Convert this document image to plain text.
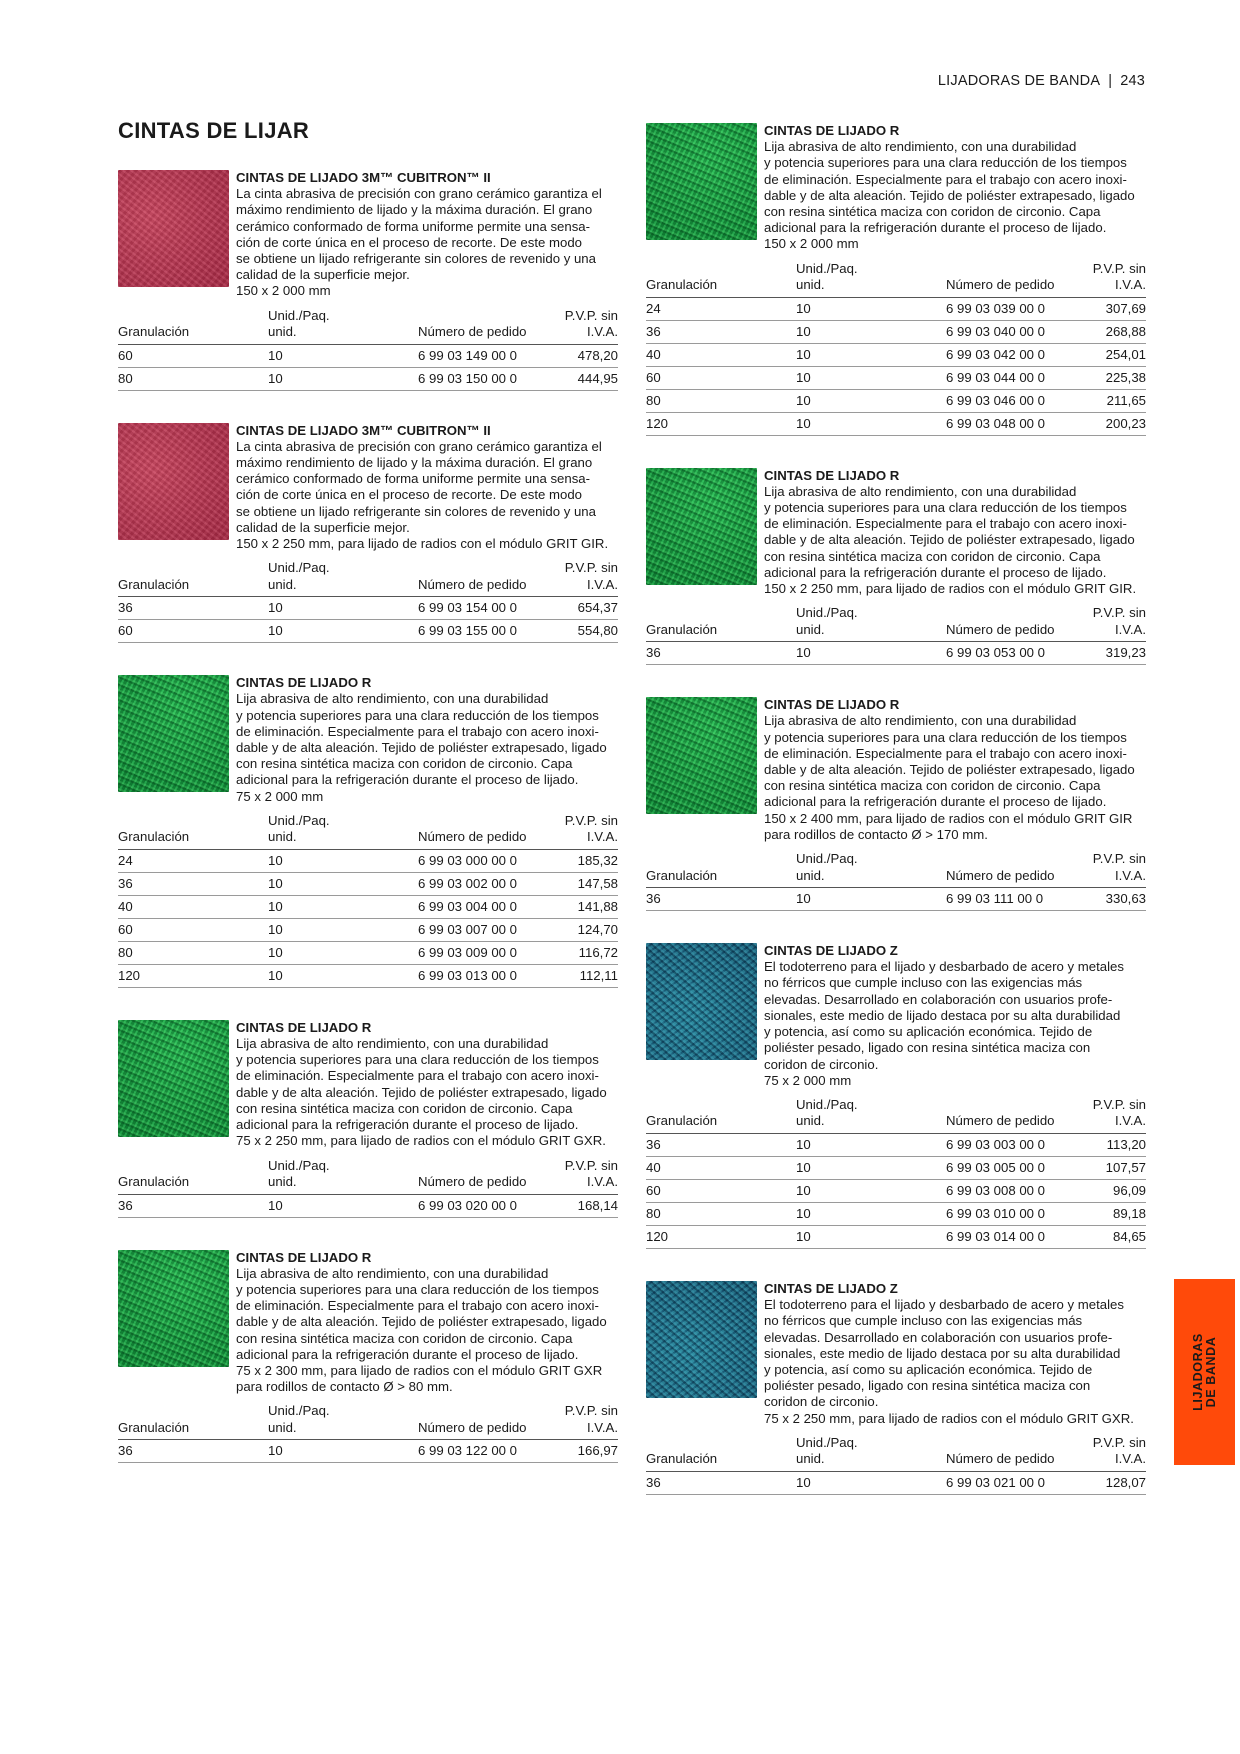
LIJADORAS DE BANDA | 243
CINTAS DE LIJAR
CINTAS DE LIJADO 3M™ CUBITRON™ II
La cinta abrasiva de precisión con grano cerámico garantiza el
máximo rendimiento de lijado y la máxima duración. El grano
cerámico conformado de forma uniforme permite una sensa-
ción de corte única en el proceso de recorte. De este modo
se obtiene un lijado refrigerante sin colores de revenido y una
calidad de la superficie mejor.
150 x 2 000 mm
Granulación	Unid./Paq.
unid.	Número de pedido	P.V.P. sin I.V.A.
60	10	6 99 03 149 00 0	478,20
80	10	6 99 03 150 00 0	444,95
CINTAS DE LIJADO 3M™ CUBITRON™ II
La cinta abrasiva de precisión con grano cerámico garantiza el
máximo rendimiento de lijado y la máxima duración. El grano
cerámico conformado de forma uniforme permite una sensa-
ción de corte única en el proceso de recorte. De este modo
se obtiene un lijado refrigerante sin colores de revenido y una
calidad de la superficie mejor.
150 x 2 250 mm, para lijado de radios con el módulo GRIT GIR.
Granulación	Unid./Paq.
unid.	Número de pedido	P.V.P. sin I.V.A.
36	10	6 99 03 154 00 0	654,37
60	10	6 99 03 155 00 0	554,80
CINTAS DE LIJADO R
Lija abrasiva de alto rendimiento, con una durabilidad
y potencia superiores para una clara reducción de los tiempos
de eliminación. Especialmente para el trabajo con acero inoxi-
dable y de alta aleación. Tejido de poliéster extrapesado, ligado
con resina sintética maciza con coridon de circonio. Capa
adicional para la refrigeración durante el proceso de lijado.
75 x 2 000 mm
Granulación	Unid./Paq.
unid.	Número de pedido	P.V.P. sin I.V.A.
24	10	6 99 03 000 00 0	185,32
36	10	6 99 03 002 00 0	147,58
40	10	6 99 03 004 00 0	141,88
60	10	6 99 03 007 00 0	124,70
80	10	6 99 03 009 00 0	116,72
120	10	6 99 03 013 00 0	112,11
CINTAS DE LIJADO R
Lija abrasiva de alto rendimiento, con una durabilidad
y potencia superiores para una clara reducción de los tiempos
de eliminación. Especialmente para el trabajo con acero inoxi-
dable y de alta aleación. Tejido de poliéster extrapesado, ligado
con resina sintética maciza con coridon de circonio. Capa
adicional para la refrigeración durante el proceso de lijado.
75 x 2 250 mm, para lijado de radios con el módulo GRIT GXR.
Granulación	Unid./Paq.
unid.	Número de pedido	P.V.P. sin I.V.A.
36	10	6 99 03 020 00 0	168,14
CINTAS DE LIJADO R
Lija abrasiva de alto rendimiento, con una durabilidad
y potencia superiores para una clara reducción de los tiempos
de eliminación. Especialmente para el trabajo con acero inoxi-
dable y de alta aleación. Tejido de poliéster extrapesado, ligado
con resina sintética maciza con coridon de circonio. Capa
adicional para la refrigeración durante el proceso de lijado.
75 x 2 300 mm, para lijado de radios con el módulo GRIT GXR
para rodillos de contacto Ø > 80 mm.
Granulación	Unid./Paq.
unid.	Número de pedido	P.V.P. sin I.V.A.
36	10	6 99 03 122 00 0	166,97
CINTAS DE LIJADO R
Lija abrasiva de alto rendimiento, con una durabilidad
y potencia superiores para una clara reducción de los tiempos
de eliminación. Especialmente para el trabajo con acero inoxi-
dable y de alta aleación. Tejido de poliéster extrapesado, ligado
con resina sintética maciza con coridon de circonio. Capa
adicional para la refrigeración durante el proceso de lijado.
150 x 2 000 mm
Granulación	Unid./Paq.
unid.	Número de pedido	P.V.P. sin I.V.A.
24	10	6 99 03 039 00 0	307,69
36	10	6 99 03 040 00 0	268,88
40	10	6 99 03 042 00 0	254,01
60	10	6 99 03 044 00 0	225,38
80	10	6 99 03 046 00 0	211,65
120	10	6 99 03 048 00 0	200,23
CINTAS DE LIJADO R
Lija abrasiva de alto rendimiento, con una durabilidad
y potencia superiores para una clara reducción de los tiempos
de eliminación. Especialmente para el trabajo con acero inoxi-
dable y de alta aleación. Tejido de poliéster extrapesado, ligado
con resina sintética maciza con coridon de circonio. Capa
adicional para la refrigeración durante el proceso de lijado.
150 x 2 250 mm, para lijado de radios con el módulo GRIT GIR.
Granulación	Unid./Paq.
unid.	Número de pedido	P.V.P. sin I.V.A.
36	10	6 99 03 053 00 0	319,23
CINTAS DE LIJADO R
Lija abrasiva de alto rendimiento, con una durabilidad
y potencia superiores para una clara reducción de los tiempos
de eliminación. Especialmente para el trabajo con acero inoxi-
dable y de alta aleación. Tejido de poliéster extrapesado, ligado
con resina sintética maciza con coridon de circonio. Capa
adicional para la refrigeración durante el proceso de lijado.
150 x 2 400 mm, para lijado de radios con el módulo GRIT GIR
para rodillos de contacto Ø > 170 mm.
Granulación	Unid./Paq.
unid.	Número de pedido	P.V.P. sin I.V.A.
36	10	6 99 03 111 00 0	330,63
CINTAS DE LIJADO Z
El todoterreno para el lijado y desbarbado de acero y metales
no férricos que cumple incluso con las exigencias más
elevadas. Desarrollado en colaboración con usuarios profe-
sionales, este medio de lijado destaca por su alta durabilidad
y potencia, así como su aplicación económica. Tejido de
poliéster pesado, ligado con resina sintética maciza con
coridon de circonio.
75 x 2 000 mm
Granulación	Unid./Paq.
unid.	Número de pedido	P.V.P. sin I.V.A.
36	10	6 99 03 003 00 0	113,20
40	10	6 99 03 005 00 0	107,57
60	10	6 99 03 008 00 0	96,09
80	10	6 99 03 010 00 0	89,18
120	10	6 99 03 014 00 0	84,65
CINTAS DE LIJADO Z
El todoterreno para el lijado y desbarbado de acero y metales
no férricos que cumple incluso con las exigencias más
elevadas. Desarrollado en colaboración con usuarios profe-
sionales, este medio de lijado destaca por su alta durabilidad
y potencia, así como su aplicación económica. Tejido de
poliéster pesado, ligado con resina sintética maciza con
coridon de circonio.
75 x 2 250 mm, para lijado de radios con el módulo GRIT GXR.
Granulación	Unid./Paq.
unid.	Número de pedido	P.V.P. sin I.V.A.
36	10	6 99 03 021 00 0	128,07
LIJADORAS
DE BANDA
